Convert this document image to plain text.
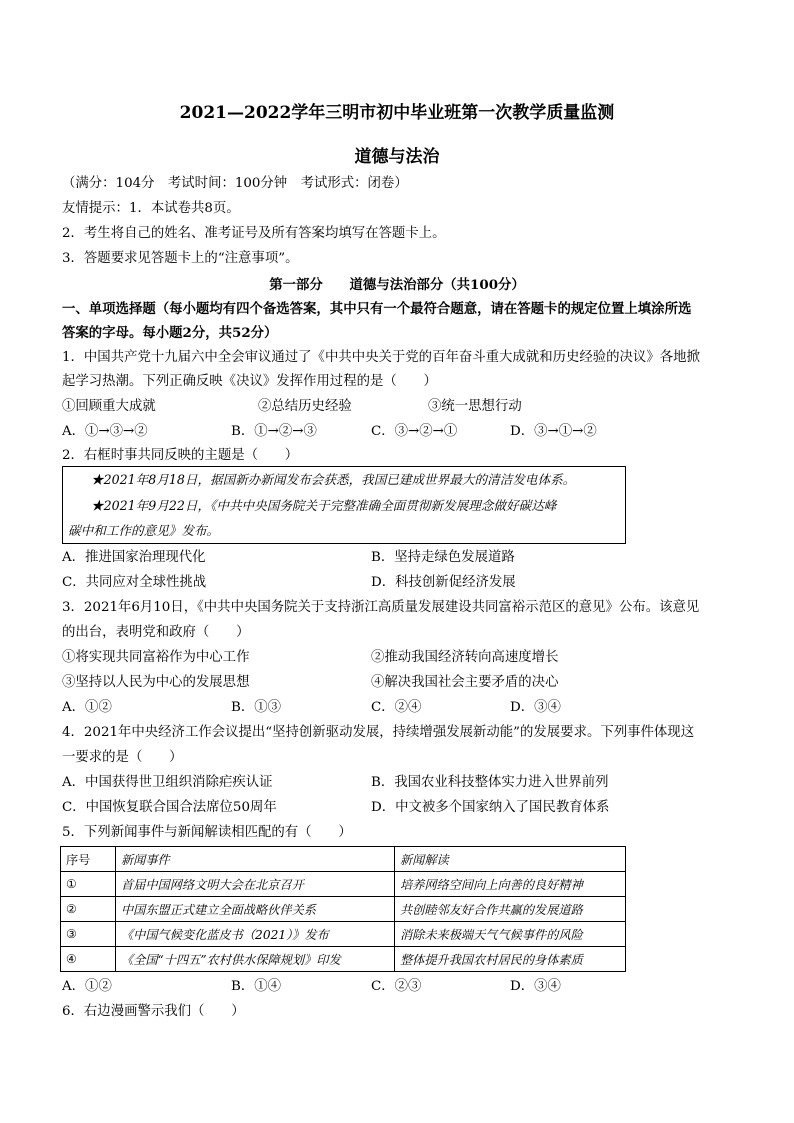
2021—2022学年三明市初中毕业班第一次教学质量监测
道德与法治
（满分：104分　考试时间：100分钟　考试形式：闭卷）
友情提示：1．本试卷共8页。
2．考生将自己的姓名、准考证号及所有答案均填写在答题卡上。
3．答题要求见答题卡上的“注意事项”。
第一部分　　道德与法治部分（共100分）
一、单项选择题（每小题均有四个备选答案，其中只有一个最符合题意，请在答题卡的规定位置上填涂所选
答案的字母。每小题2分，共52分）
1．中国共产党十九届六中全会审议通过了《中共中央关于党的百年奋斗重大成就和历史经验的决议》各地掀
起学习热潮。下列正确反映《决议》发挥作用过程的是（　　）
①回顾重大成就	②总结历史经验	③统一思想行动
A．①→③→②	B．①→②→③	C．③→②→①	D．③→①→②
2．右框时事共同反映的主题是（　　）
★2021年8月18日，据国新办新闻发布会获悉，我国已建成世界最大的清洁发电体系。
★2021年9月22日，《中共中央国务院关于完整准确全面贯彻新发展理念做好碳达峰
碳中和工作的意见》发布。
A．推进国家治理现代化	B．坚持走绿色发展道路
C．共同应对全球性挑战	D．科技创新促经济发展
3．2021年6月10日，《中共中央国务院关于支持浙江高质量发展建设共同富裕示范区的意见》公布。该意见
的出台，表明党和政府（　　）
①将实现共同富裕作为中心工作	②推动我国经济转向高速度增长
③坚持以人民为中心的发展思想	④解决我国社会主要矛盾的决心
A．①②	B．①③	C．②④	D．③④
4．2021年中央经济工作会议提出“坚持创新驱动发展，持续增强发展新动能”的发展要求。下列事件体现这
一要求的是（　　）
A．中国获得世卫组织消除疟疾认证	B．我国农业科技整体实力进入世界前列
C．中国恢复联合国合法席位50周年	D．中文被多个国家纳入了国民教育体系
5．下列新闻事件与新闻解读相匹配的有（　　）
序号	新闻事件	新闻解读
①	首届中国网络文明大会在北京召开	培养网络空间向上向善的良好精神
②	中国东盟正式建立全面战略伙伴关系	共创睦邻友好合作共赢的发展道路
③	《中国气候变化蓝皮书（2021）》发布	消除未来极端天气气候事件的风险
④	《全国“十四五”农村供水保障规划》印发	整体提升我国农村居民的身体素质
A．①②	B．①④	C．②③	D．③④
6．右边漫画警示我们（　　）
